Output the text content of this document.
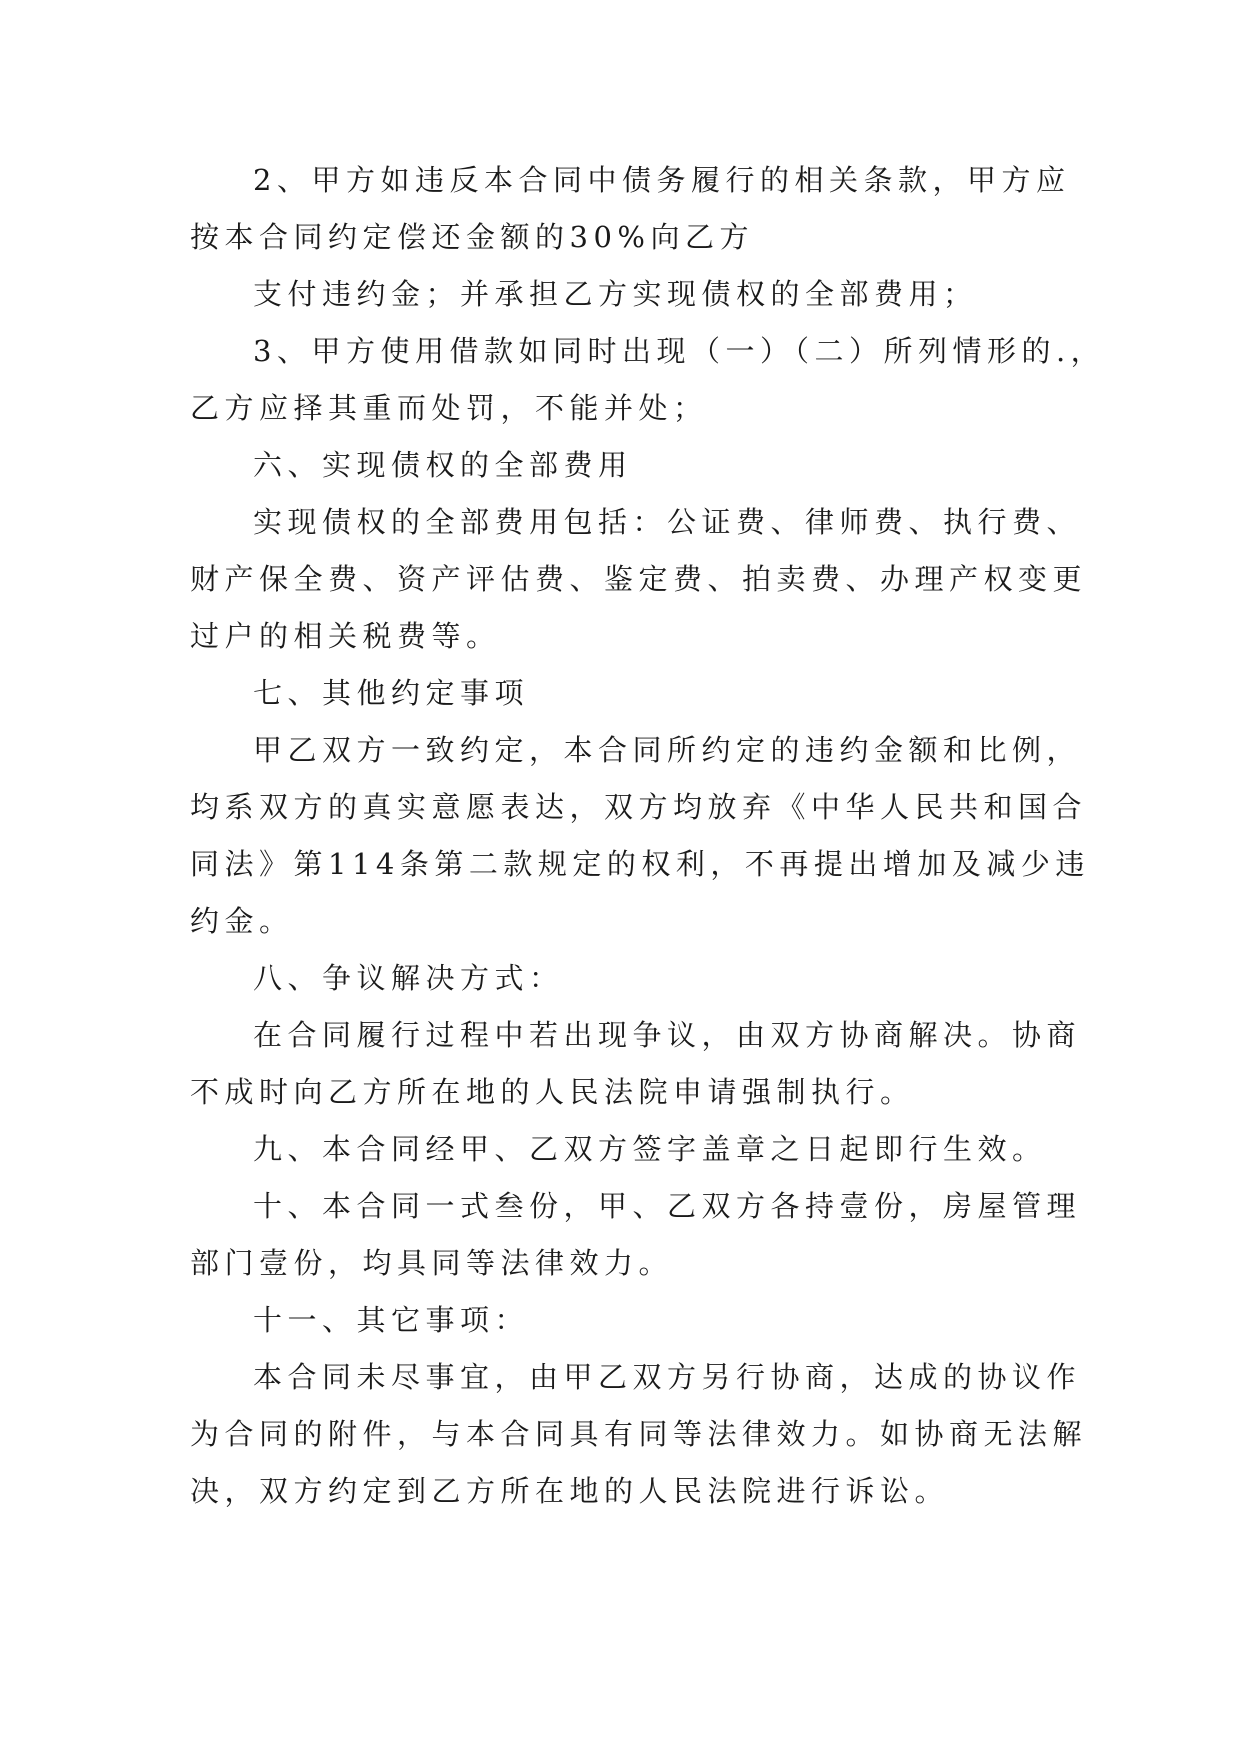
2、甲方如违反本合同中债务履行的相关条款，甲方应
按本合同约定偿还金额的30%向乙方
支付违约金；并承担乙方实现债权的全部费用；
3、甲方使用借款如同时出现（一）（二）所列情形的.，
乙方应择其重而处罚，不能并处；
六、实现债权的全部费用
实现债权的全部费用包括：公证费、律师费、执行费、
财产保全费、资产评估费、鉴定费、拍卖费、办理产权变更
过户的相关税费等。
七、其他约定事项
甲乙双方一致约定，本合同所约定的违约金额和比例，
均系双方的真实意愿表达，双方均放弃《中华人民共和国合
同法》第114条第二款规定的权利，不再提出增加及减少违
约金。
八、争议解决方式：
在合同履行过程中若出现争议，由双方协商解决。协商
不成时向乙方所在地的人民法院申请强制执行。
九、本合同经甲、乙双方签字盖章之日起即行生效。
十、本合同一式叁份，甲、乙双方各持壹份，房屋管理
部门壹份，均具同等法律效力。
十一、其它事项：
本合同未尽事宜，由甲乙双方另行协商，达成的协议作
为合同的附件，与本合同具有同等法律效力。如协商无法解
决，双方约定到乙方所在地的人民法院进行诉讼。
